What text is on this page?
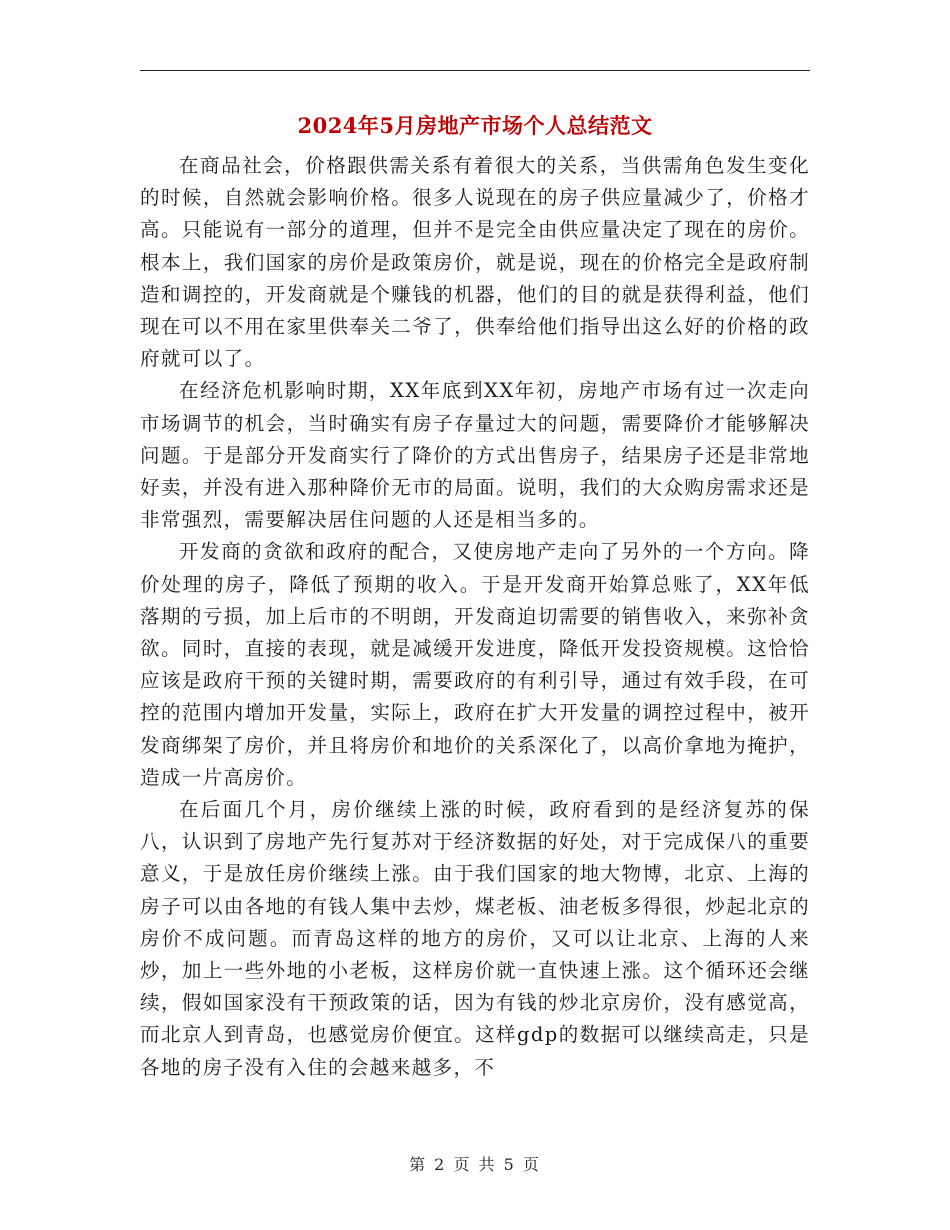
2024年5月房地产市场个人总结范文

在商品社会，价格跟供需关系有着很大的关系，当供需角色发生变化的时候，自然就会影响价格。很多人说现在的房子供应量减少了，价格才高。只能说有一部分的道理，但并不是完全由供应量决定了现在的房价。根本上，我们国家的房价是政策房价，就是说，现在的价格完全是政府制造和调控的，开发商就是个赚钱的机器，他们的目的就是获得利益，他们现在可以不用在家里供奉关二爷了，供奉给他们指导出这么好的价格的政府就可以了。

在经济危机影响时期，XX年底到XX年初，房地产市场有过一次走向市场调节的机会，当时确实有房子存量过大的问题，需要降价才能够解决问题。于是部分开发商实行了降价的方式出售房子，结果房子还是非常地好卖，并没有进入那种降价无市的局面。说明，我们的大众购房需求还是非常强烈，需要解决居住问题的人还是相当多的。

开发商的贪欲和政府的配合，又使房地产走向了另外的一个方向。降价处理的房子，降低了预期的收入。于是开发商开始算总账了，XX年低落期的亏损，加上后市的不明朗，开发商迫切需要的销售收入，来弥补贪欲。同时，直接的表现，就是减缓开发进度，降低开发投资规模。这恰恰应该是政府干预的关键时期，需要政府的有利引导，通过有效手段，在可控的范围内增加开发量，实际上，政府在扩大开发量的调控过程中，被开发商绑架了房价，并且将房价和地价的关系深化了，以高价拿地为掩护，造成一片高房价。

在后面几个月，房价继续上涨的时候，政府看到的是经济复苏的保八，认识到了房地产先行复苏对于经济数据的好处，对于完成保八的重要意义，于是放任房价继续上涨。由于我们国家的地大物博，北京、上海的房子可以由各地的有钱人集中去炒，煤老板、油老板多得很，炒起北京的房价不成问题。而青岛这样的地方的房价，又可以让北京、上海的人来炒，加上一些外地的小老板，这样房价就一直快速上涨。这个循环还会继续，假如国家没有干预政策的话，因为有钱的炒北京房价，没有感觉高，而北京人到青岛，也感觉房价便宜。这样gdp的数据可以继续高走，只是各地的房子没有入住的会越来越多，不

第 2 页 共 5 页
